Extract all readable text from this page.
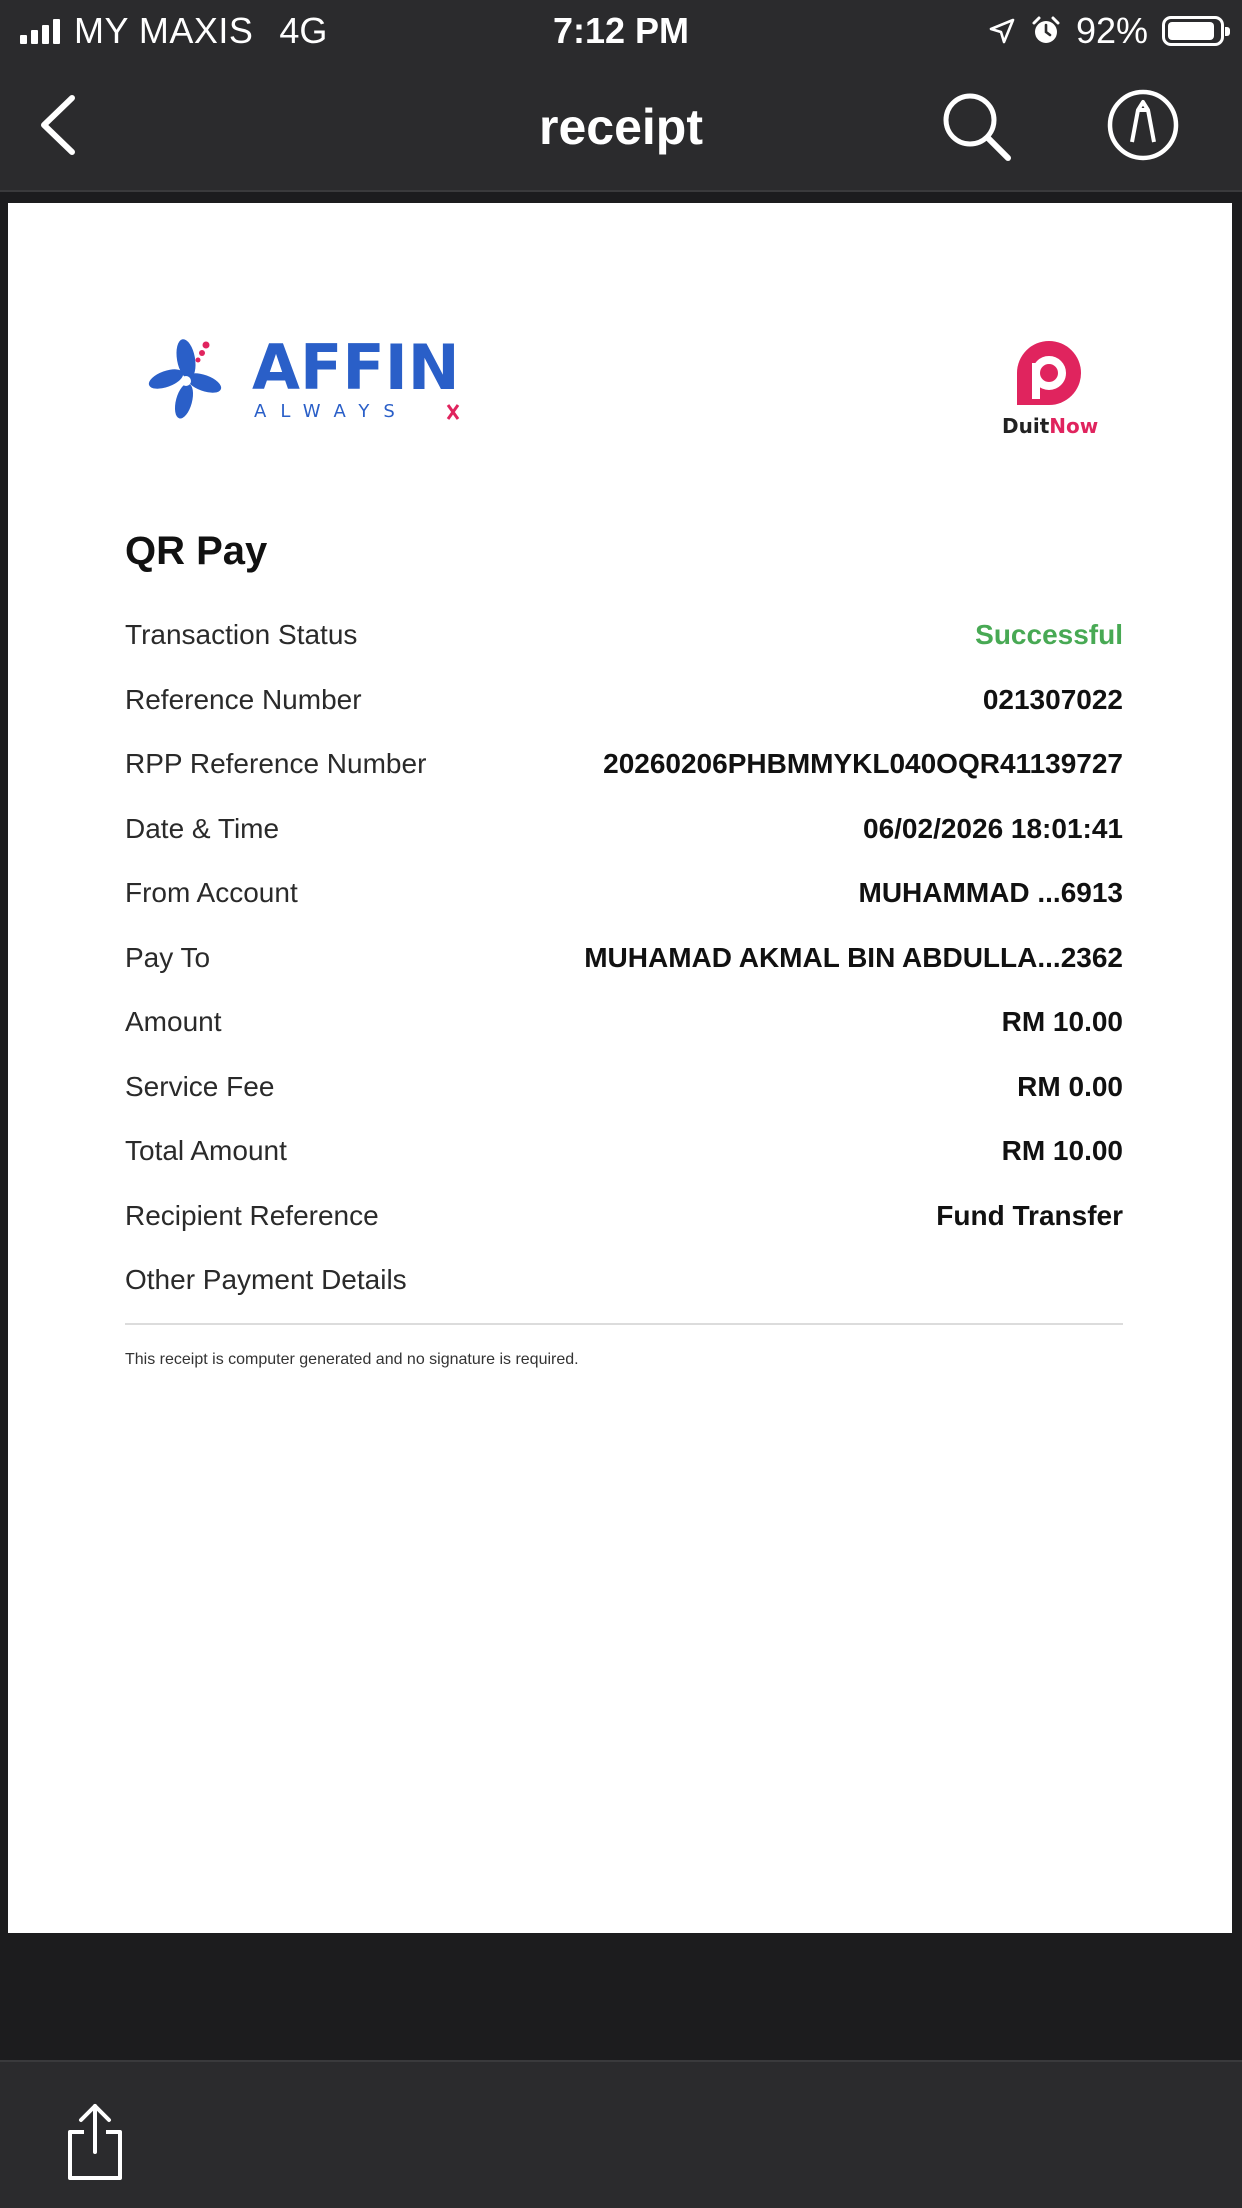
MY MAXIS 4G	7:12 PM	92%
receipt
AFFIN
ALWAYS
DuitNow
QR Pay
Transaction Status	Successful
Reference Number	021307022
RPP Reference Number	20260206PHBMMYKL040OQR41139727
Date & Time	06/02/2026 18:01:41
From Account	MUHAMMAD ...6913
Pay To	MUHAMAD AKMAL BIN ABDULLA...2362
Amount	RM 10.00
Service Fee	RM 0.00
Total Amount	RM 10.00
Recipient Reference	Fund Transfer
Other Payment Details
This receipt is computer generated and no signature is required.
